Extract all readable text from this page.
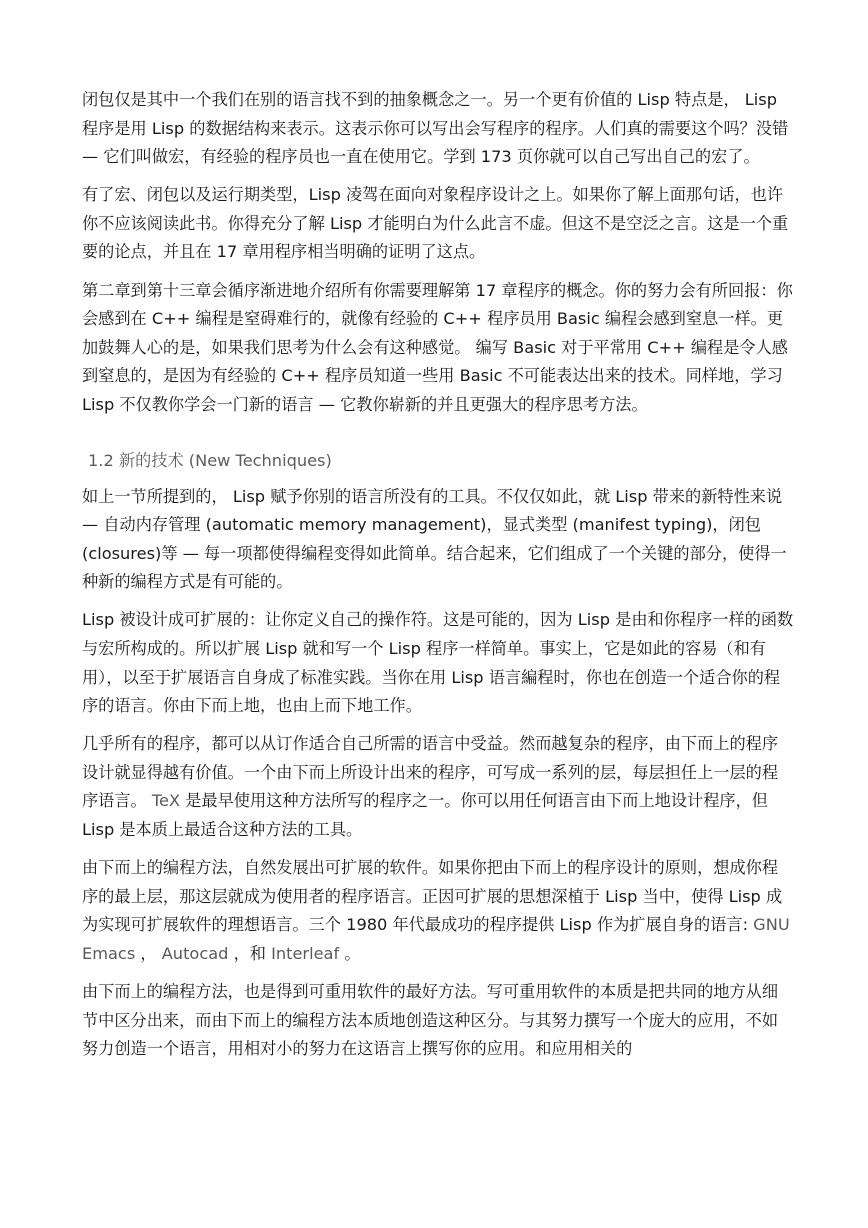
闭包仅是其中一个我们在别的语言找不到的抽象概念之一。另一个更有价值的 Lisp 特点是， Lisp 程序是用 Lisp 的数据结构来表示。这表示你可以写出会写程序的程序。人们真的需要这个吗？没错 — 它们叫做宏，有经验的程序员也一直在使用它。学到 173 页你就可以自己写出自己的宏了。

有了宏、闭包以及运行期类型，Lisp 凌驾在面向对象程序设计之上。如果你了解上面那句话，也许你不应该阅读此书。你得充分了解 Lisp 才能明白为什么此言不虚。但这不是空泛之言。这是一个重要的论点，并且在 17 章用程序相当明确的证明了这点。

第二章到第十三章会循序渐进地介绍所有你需要理解第 17 章程序的概念。你的努力会有所回报：你会感到在 C++ 编程是窒碍难行的，就像有经验的 C++ 程序员用 Basic 编程会感到窒息一样。更加鼓舞人心的是，如果我们思考为什么会有这种感觉。 编写 Basic 对于平常用 C++ 编程是令人感到窒息的，是因为有经验的 C++ 程序员知道一些用 Basic 不可能表达出来的技术。同样地，学习 Lisp 不仅教你学会一门新的语言 — 它教你崭新的并且更强大的程序思考方法。

1.2 新的技术 (New Techniques)

如上一节所提到的， Lisp 赋予你别的语言所没有的工具。不仅仅如此，就 Lisp 带来的新特性来说 — 自动内存管理 (automatic memory management)，显式类型 (manifest typing)，闭包 (closures)等 — 每一项都使得编程变得如此简单。结合起来，它们组成了一个关键的部分，使得一种新的编程方式是有可能的。

Lisp 被设计成可扩展的：让你定义自己的操作符。这是可能的，因为 Lisp 是由和你程序一样的函数与宏所构成的。所以扩展 Lisp 就和写一个 Lisp 程序一样简单。事实上，它是如此的容易（和有用），以至于扩展语言自身成了标准实践。当你在用 Lisp 语言編程时，你也在创造一个适合你的程序的语言。你由下而上地，也由上而下地工作。

几乎所有的程序，都可以从订作适合自己所需的语言中受益。然而越复杂的程序，由下而上的程序设计就显得越有价值。一个由下而上所设计出来的程序，可写成一系列的层，每层担任上一层的程序语言。 TeX 是最早使用这种方法所写的程序之一。你可以用任何语言由下而上地设计程序，但 Lisp 是本质上最适合这种方法的工具。

由下而上的编程方法，自然发展出可扩展的软件。如果你把由下而上的程序设计的原则，想成你程序的最上层，那这层就成为使用者的程序语言。正因可扩展的思想深植于 Lisp 当中，使得 Lisp 成为实现可扩展软件的理想语言。三个 1980 年代最成功的程序提供 Lisp 作为扩展自身的语言: GNU Emacs ， Autocad ，和 Interleaf 。

由下而上的编程方法，也是得到可重用软件的最好方法。写可重用软件的本质是把共同的地方从细节中区分出来，而由下而上的编程方法本质地创造这种区分。与其努力撰写一个庞大的应用，不如努力创造一个语言，用相对小的努力在这语言上撰写你的应用。和应用相关的
